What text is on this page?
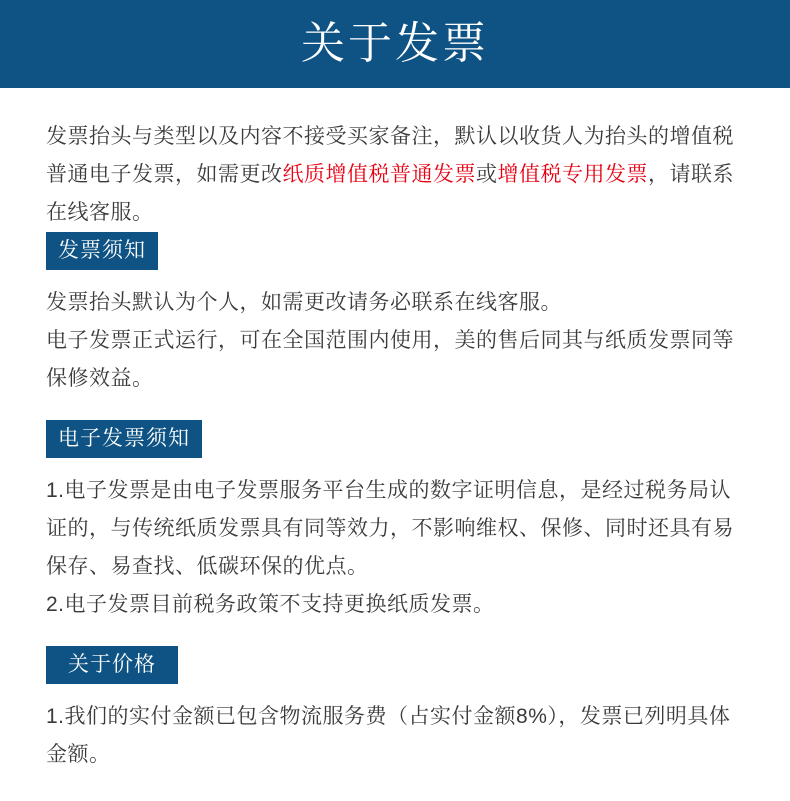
关于发票

发票抬头与类型以及内容不接受买家备注，默认以收货人为抬头的增值税普通电子发票，如需更改纸质增值税普通发票或增值税专用发票，请联系在线客服。

发票须知

发票抬头默认为个人，如需更改请务必联系在线客服。

电子发票正式运行，可在全国范围内使用，美的售后同其与纸质发票同等保修效益。

电子发票须知

1.电子发票是由电子发票服务平台生成的数字证明信息，是经过税务局认证的，与传统纸质发票具有同等效力，不影响维权、保修、同时还具有易保存、易查找、低碳环保的优点。

2.电子发票目前税务政策不支持更换纸质发票。

关于价格

1.我们的实付金额已包含物流服务费（占实付金额8%），发票已列明具体金额。
